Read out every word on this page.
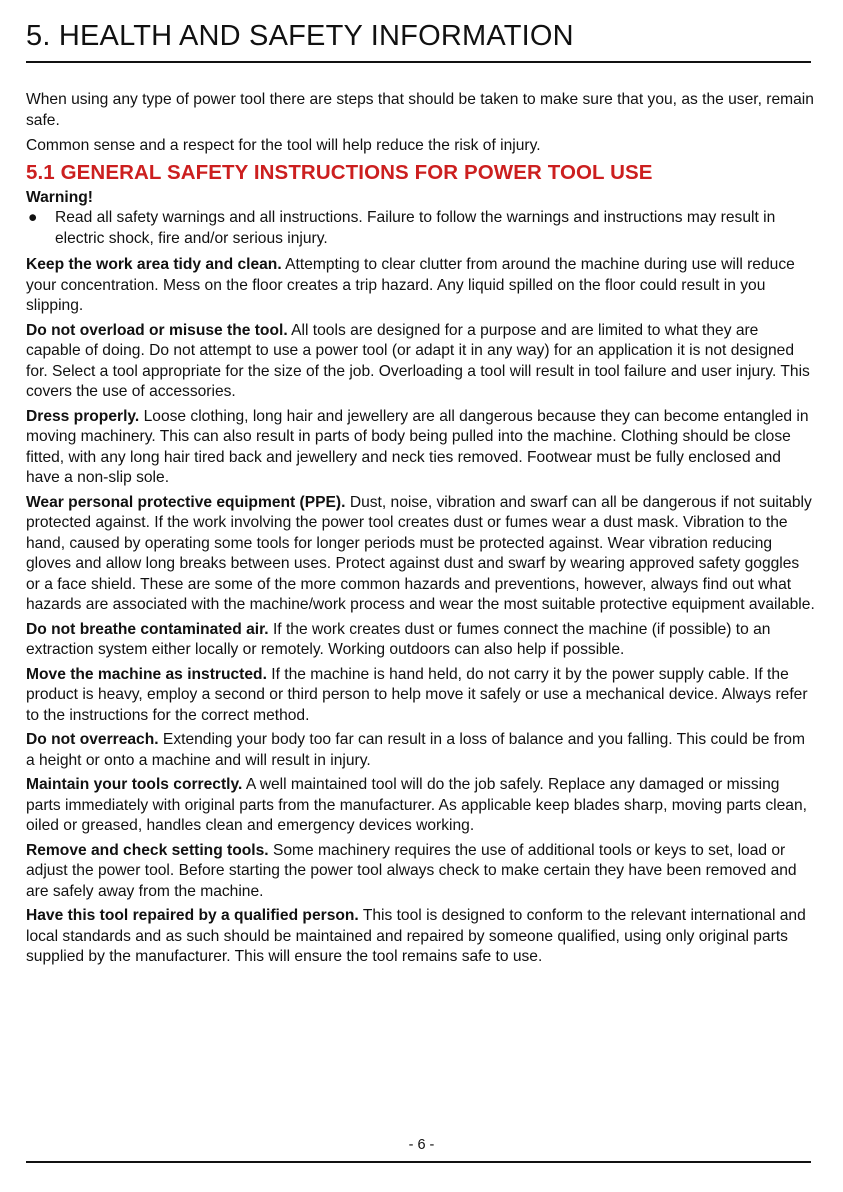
5. HEALTH AND SAFETY INFORMATION

When using any type of power tool there are steps that should be taken to make sure that you, as the user, remain safe.

Common sense and a respect for the tool will help reduce the risk of injury.

5.1 GENERAL SAFETY INSTRUCTIONS FOR POWER TOOL USE

Warning!

● Read all safety warnings and all instructions. Failure to follow the warnings and instructions may result in electric shock, fire and/or serious injury.

Keep the work area tidy and clean. Attempting to clear clutter from around the machine during use will reduce your concentration. Mess on the floor creates a trip hazard. Any liquid spilled on the floor could result in you slipping.

Do not overload or misuse the tool. All tools are designed for a purpose and are limited to what they are capable of doing. Do not attempt to use a power tool (or adapt it in any way) for an application it is not designed for. Select a tool appropriate for the size of the job. Overloading a tool will result in tool failure and user injury. This covers the use of accessories.

Dress properly. Loose clothing, long hair and jewellery are all dangerous because they can become entangled in moving machinery. This can also result in parts of body being pulled into the machine. Clothing should be close fitted, with any long hair tired back and jewellery and neck ties removed. Footwear must be fully enclosed and have a non-slip sole.

Wear personal protective equipment (PPE). Dust, noise, vibration and swarf can all be dangerous if not suitably protected against. If the work involving the power tool creates dust or fumes wear a dust mask. Vibration to the hand, caused by operating some tools for longer periods must be protected against. Wear vibration reducing gloves and allow long breaks between uses. Protect against dust and swarf by wearing approved safety goggles or a face shield. These are some of the more common hazards and preventions, however, always find out what hazards are associated with the machine/work process and wear the most suitable protective equipment available.

Do not breathe contaminated air. If the work creates dust or fumes connect the machine (if possible) to an extraction system either locally or remotely. Working outdoors can also help if possible.

Move the machine as instructed. If the machine is hand held, do not carry it by the power supply cable. If the product is heavy, employ a second or third person to help move it safely or use a mechanical device. Always refer to the instructions for the correct method.

Do not overreach. Extending your body too far can result in a loss of balance and you falling. This could be from a height or onto a machine and will result in injury.

Maintain your tools correctly. A well maintained tool will do the job safely. Replace any damaged or missing parts immediately with original parts from the manufacturer. As applicable keep blades sharp, moving parts clean, oiled or greased, handles clean and emergency devices working.

Remove and check setting tools. Some machinery requires the use of additional tools or keys to set, load or adjust the power tool. Before starting the power tool always check to make certain they have been removed and are safely away from the machine.

Have this tool repaired by a qualified person. This tool is designed to conform to the relevant international and local standards and as such should be maintained and repaired by someone qualified, using only original parts supplied by the manufacturer. This will ensure the tool remains safe to use.

- 6 -
